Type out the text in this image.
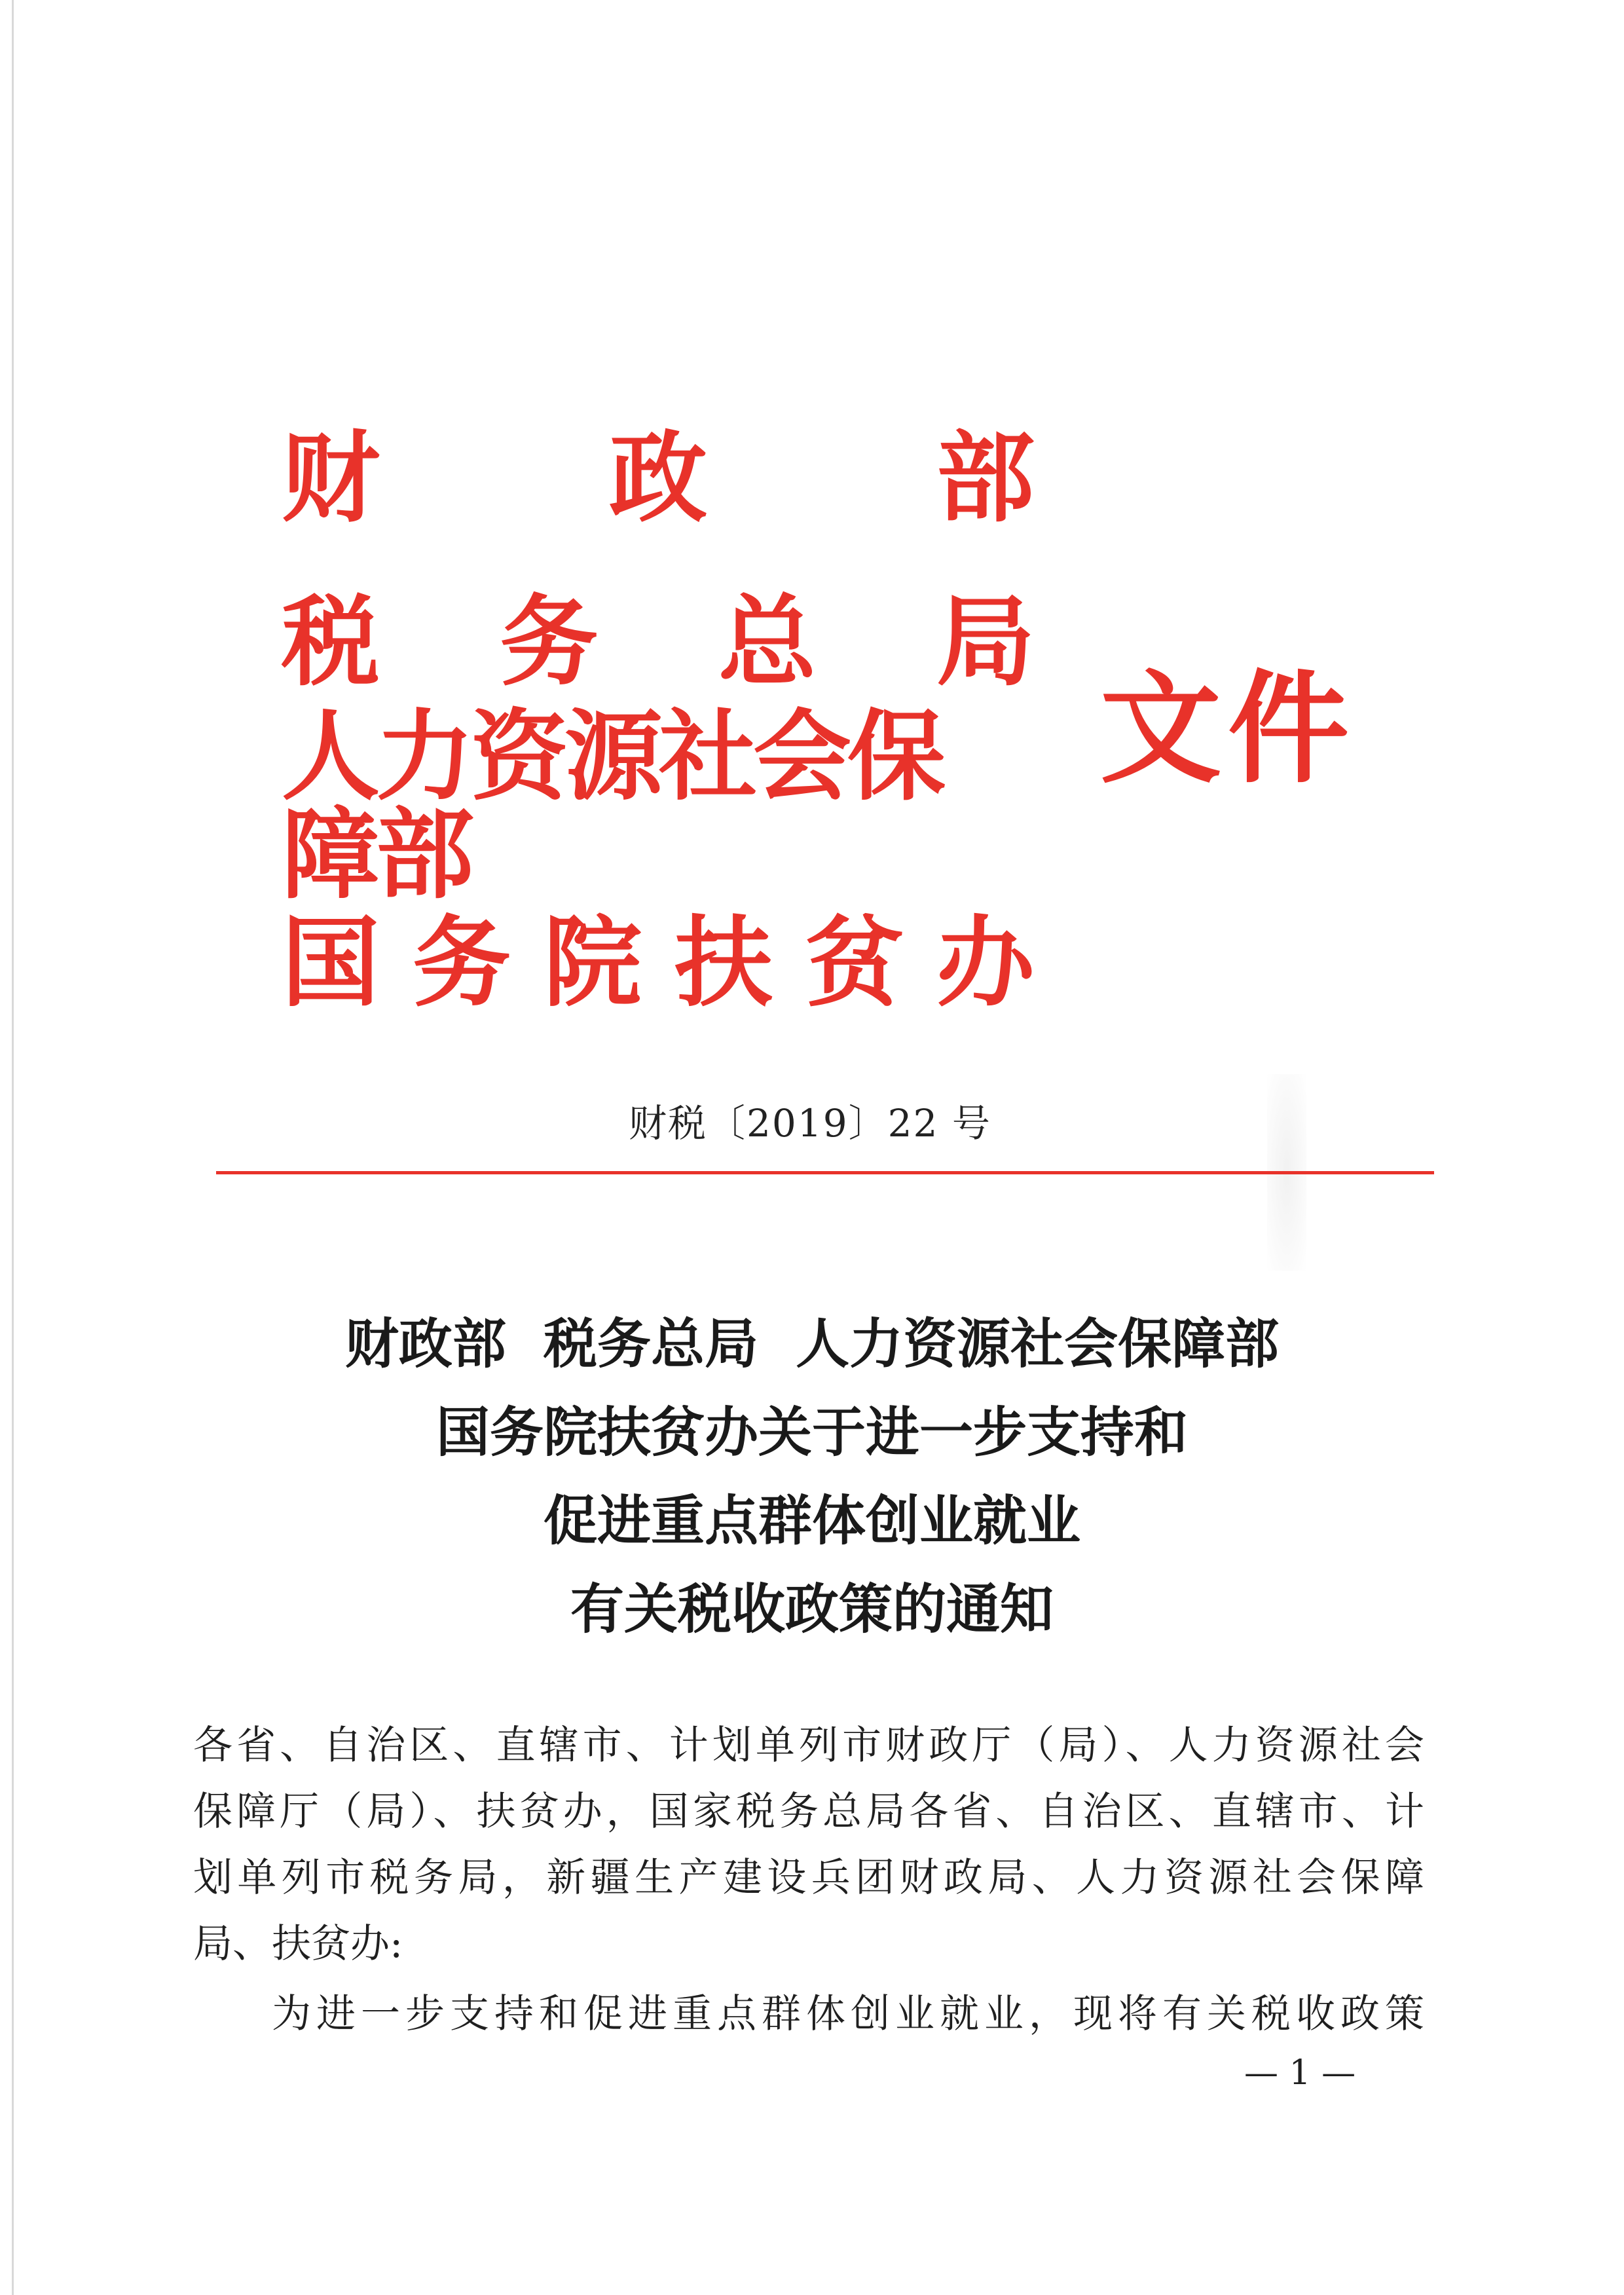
财 政 部
税 务 总 局
人力资源社会保障部
国 务 院 扶 贫 办
文件
财税〔2019〕22 号
财政部  税务总局  人力资源社会保障部
国务院扶贫办关于进一步支持和
促进重点群体创业就业
有关税收政策的通知
各省、自治区、直辖市、计划单列市财政厅（局）、人力资源社会
保障厅（局）、扶贫办，国家税务总局各省、自治区、直辖市、计
划单列市税务局，新疆生产建设兵团财政局、人力资源社会保障
局、扶贫办:
为进一步支持和促进重点群体创业就业，现将有关税收政策
— 1 —
